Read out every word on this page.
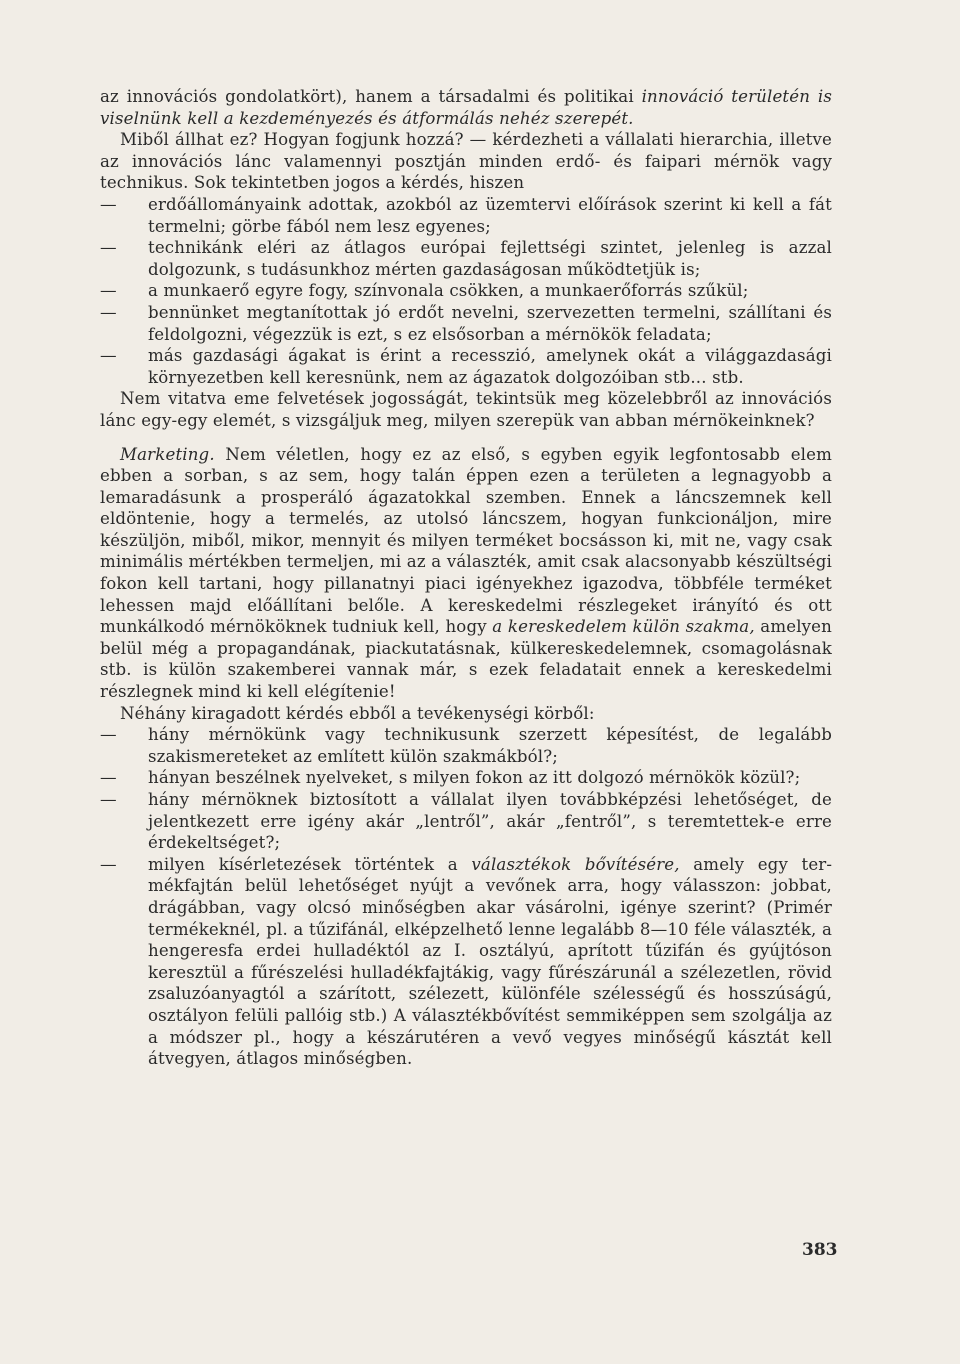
az innovációs gondolatkört), hanem a társadalmi és politikai innováció területén is viselnünk kell a kezdeményezés és átformálás nehéz szerepét.

Miből állhat ez? Hogyan fogjunk hozzá? — kérdezheti a vállalati hierarchia, illetve az innovációs lánc valamennyi posztján minden erdő- és faipari mérnök vagy technikus. Sok tekintetben jogos a kérdés, hiszen

— erdőállományaink adottak, azokból az üzemtervi előírások szerint ki kell a fát termelni; görbe fából nem lesz egyenes;

— technikánk eléri az átlagos európai fejlettségi szintet, jelenleg is azzal dolgozunk, s tudásunkhoz mérten gazdaságosan működtetjük is;

— a munkaerő egyre fogy, színvonala csökken, a munkaerőforrás szűkül;

— bennünket megtanítottak jó erdőt nevelni, szervezetten termelni, szállítani és feldolgozni, végezzük is ezt, s ez elsősorban a mérnökök feladata;

— más gazdasági ágakat is érint a recesszió, amelynek okát a világgazdasági környezetben kell keresnünk, nem az ágazatok dolgozóiban stb... stb.

Nem vitatva eme felvetések jogosságát, tekintsük meg közelebbről az innovációs lánc egy-egy elemét, s vizsgáljuk meg, milyen szerepük van abban mérnökeinknek?

Marketing. Nem véletlen, hogy ez az első, s egyben egyik legfontosabb elem ebben a sorban, s az sem, hogy talán éppen ezen a területen a legnagyobb a lemaradásunk a prosperáló ágazatokkal szemben. Ennek a láncszemnek kell eldöntenie, hogy a termelés, az utolsó láncszem, hogyan funkcionáljon, mire készüljön, miből, mikor, mennyit és milyen terméket bocsásson ki, mit ne, vagy csak minimális mértékben termeljen, mi az a választék, amit csak alacsonyabb készültségi fokon kell tartani, hogy pillanatnyi piaci igényekhez igazodva, többféle terméket lehessen majd előállítani belőle. A kereskedelmi részlegeket irányító és ott munkálkodó mérnököknek tudniuk kell, hogy a kereskedelem külön szakma, amelyen belül még a propagandának, piackutatásnak, külkereskedelemnek, csomagolásnak stb. is külön szakemberei vannak már, s ezek feladatait ennek a kereskedelmi részlegnek mind ki kell elégítenie!

Néhány kiragadott kérdés ebből a tevékenységi körből:

— hány mérnökünk vagy technikusunk szerzett képesítést, de legalább szakismereteket az említett külön szakmákból?;

— hányan beszélnek nyelveket, s milyen fokon az itt dolgozó mérnökök közül?;

— hány mérnöknek biztosított a vállalat ilyen továbbképzési lehetőséget, de jelentkezett erre igény akár „lentről”, akár „fentről”, s teremtettek-e erre érdekeltséget?;

— milyen kísérletezések történtek a választékok bővítésére, amely egy termékfajtán belül lehetőséget nyújt a vevőnek arra, hogy válasszon: jobbat, drágábban, vagy olcsó minőségben akar vásárolni, igénye szerint? (Primér termékeknél, pl. a tűzifánál, elképzelhető lenne legalább 8—10 féle választék, a hengeresfa erdei hulladéktól az I. osztályú, aprított tűzifán és gyújtóson keresztül a fűrészelési hulladékfajtákig, vagy fűrészárunál a szélezetlen, rövid zsaluzóanyagtól a szárított, szélezett, különféle szélességű és hosszúságú, osztályon felüli pallóig stb.) A választékbővítést semmiképpen sem szolgálja az a módszer pl., hogy a készárutéren a vevő vegyes minőségű kásztát kell átvegyen, átlagos minőségben.

383
